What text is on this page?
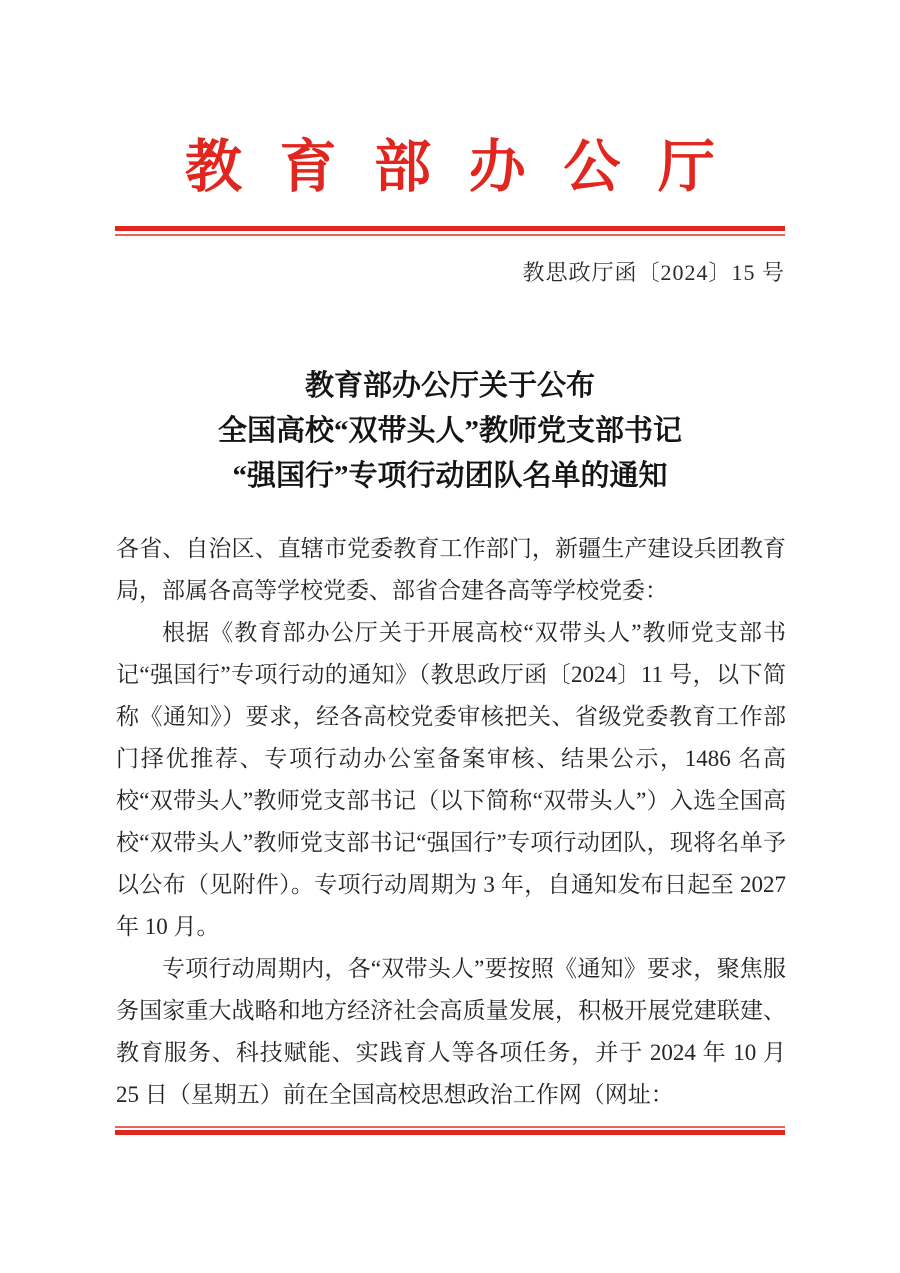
教育部办公厅

教思政厅函〔2024〕15 号

教育部办公厅关于公布
全国高校“双带头人”教师党支部书记
“强国行”专项行动团队名单的通知

各省、自治区、直辖市党委教育工作部门，新疆生产建设兵团教育局，部属各高等学校党委、部省合建各高等学校党委：

根据《教育部办公厅关于开展高校“双带头人”教师党支部书记“强国行”专项行动的通知》（教思政厅函〔2024〕11 号，以下简称《通知》）要求，经各高校党委审核把关、省级党委教育工作部门择优推荐、专项行动办公室备案审核、结果公示，1486 名高校“双带头人”教师党支部书记（以下简称“双带头人”）入选全国高校“双带头人”教师党支部书记“强国行”专项行动团队，现将名单予以公布（见附件）。专项行动周期为 3 年，自通知发布日起至 2027 年 10 月。

专项行动周期内，各“双带头人”要按照《通知》要求，聚焦服务国家重大战略和地方经济社会高质量发展，积极开展党建联建、教育服务、科技赋能、实践育人等各项任务，并于 2024 年 10 月 25 日（星期五）前在全国高校思想政治工作网（网址：
